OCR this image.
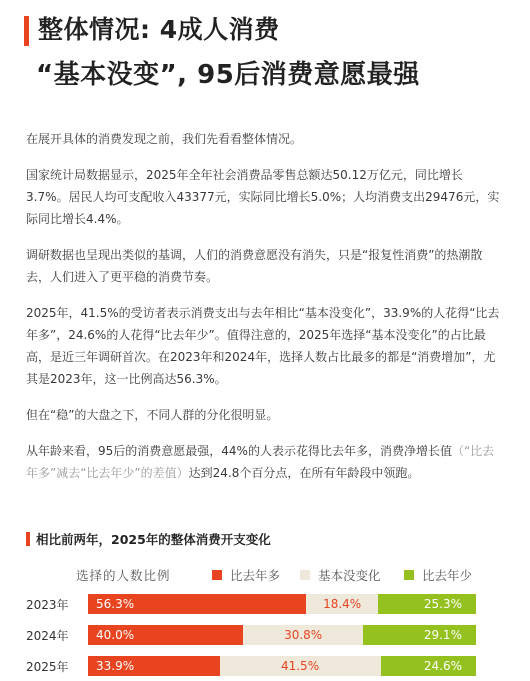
整体情况: 4成人消费
“基本没变”, 95后消费意愿最强

在展开具体的消费发现之前，我们先看看整体情况。

国家统计局数据显示，2025年全年社会消费品零售总额达50.12万亿元，同比增长3.7%。居民人均可支配收入43377元，实际同比增长5.0%；人均消费支出29476元，实际同比增长4.4%。

调研数据也呈现出类似的基调，人们的消费意愿没有消失，只是“报复性消费”的热潮散去，人们进入了更平稳的消费节奏。

2025年，41.5%的受访者表示消费支出与去年相比“基本没变化”，33.9%的人花得“比去年多”，24.6%的人花得“比去年少”。值得注意的，2025年选择“基本没变化”的占比最高，是近三年调研首次。在2023年和2024年，选择人数占比最多的都是“消费增加”，尤其是2023年，这一比例高达56.3%。

但在“稳”的大盘之下，不同人群的分化很明显。

从年龄来看，95后的消费意愿最强，44%的人表示花得比去年多，消费净增长值（“比去年多”减去“比去年少”的差值）达到24.8个百分点，在所有年龄段中领跑。

相比前两年，2025年的整体消费开支变化
选择的人数比例	比去年多	基本没变化	比去年少
2023年 56.3%	18.4%	25.3%
2024年 40.0%	30.8%	29.1%
2025年 33.9%	41.5%	24.6%
